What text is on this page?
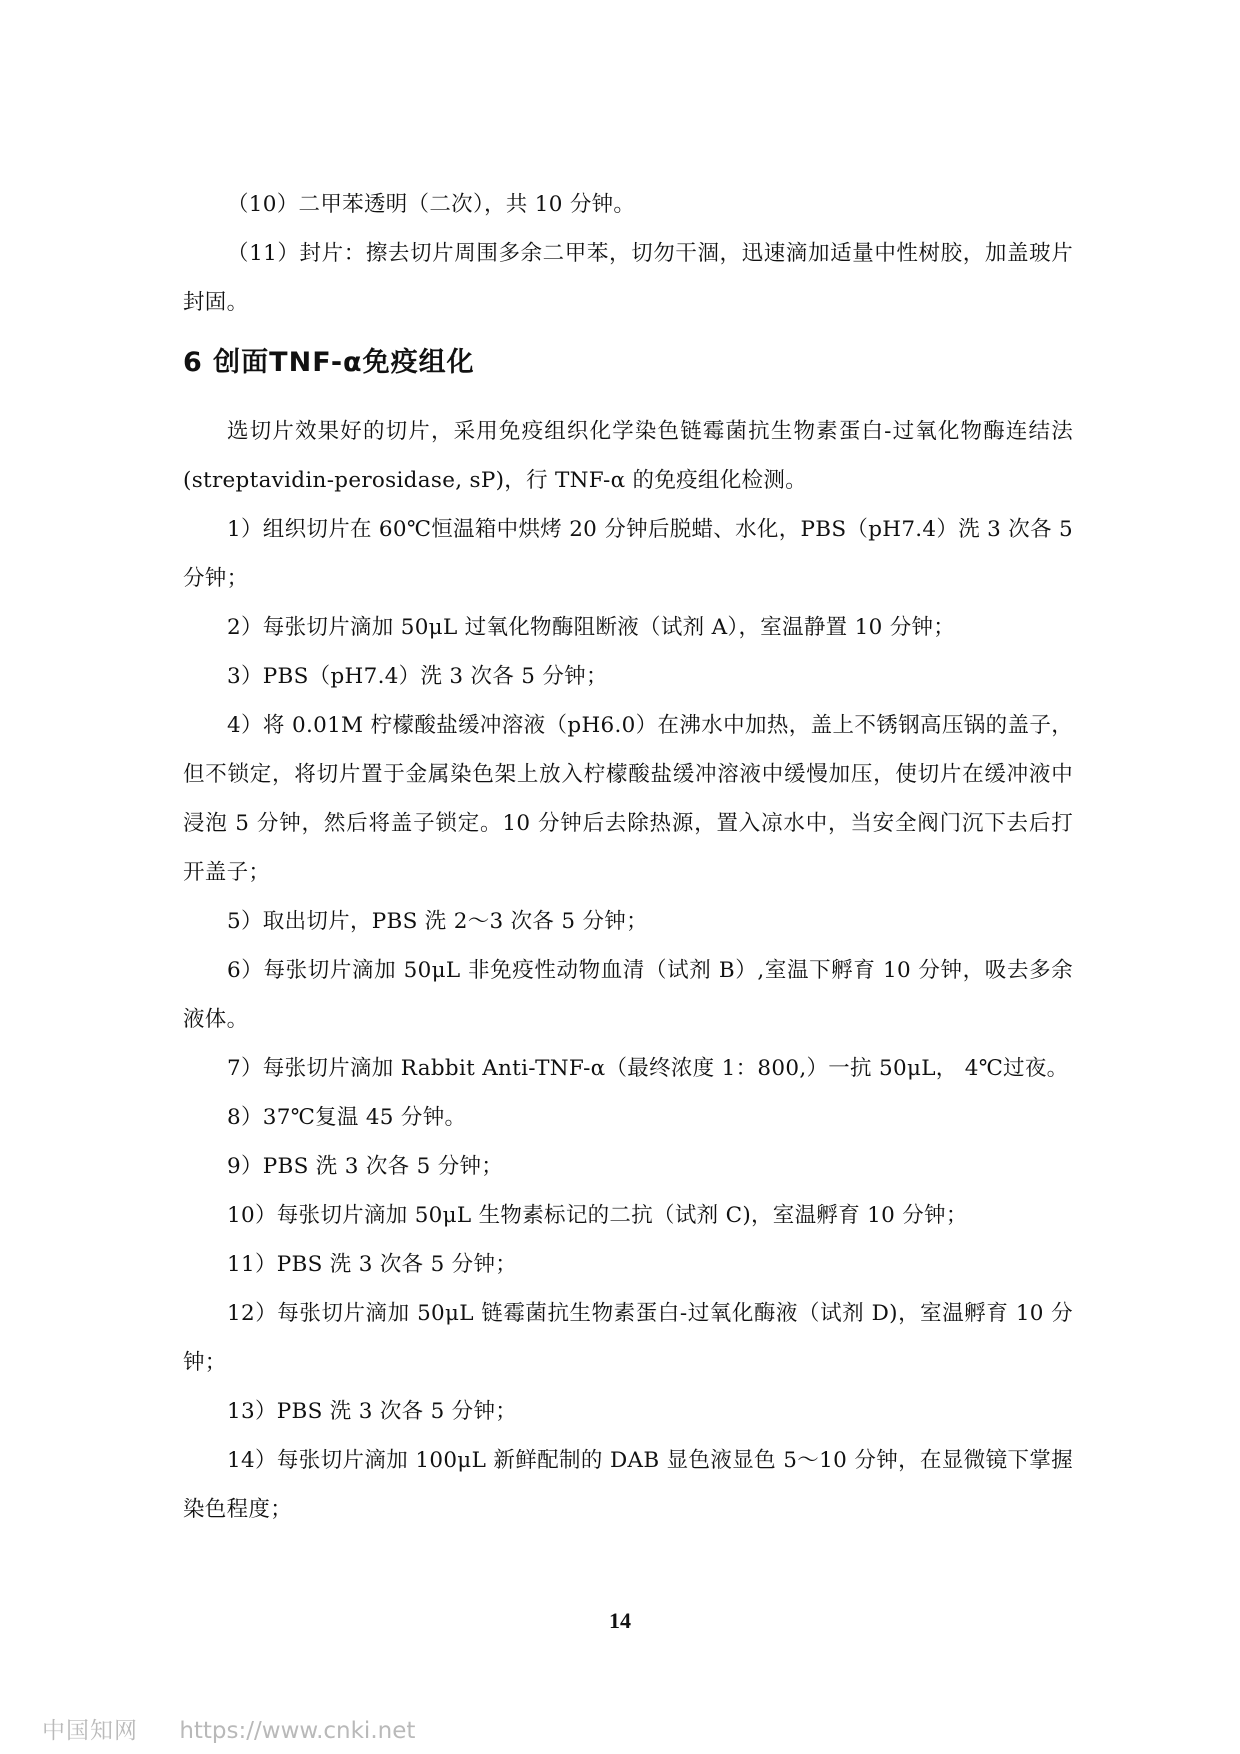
（10）二甲苯透明（二次），共 10 分钟。

（11）封片：擦去切片周围多余二甲苯，切勿干涸，迅速滴加适量中性树胶，加盖玻片封固。

6 创面TNF-α免疫组化

选切片效果好的切片，采用免疫组织化学染色链霉菌抗生物素蛋白-过氧化物酶连结法(streptavidin-perosidase, sP)，行 TNF-α 的免疫组化检测。

1）组织切片在 60℃恒温箱中烘烤 20 分钟后脱蜡、水化，PBS（pH7.4）洗 3 次各 5 分钟；

2）每张切片滴加 50μL 过氧化物酶阻断液（试剂 A），室温静置 10 分钟；

3）PBS（pH7.4）洗 3 次各 5 分钟；

4）将 0.01M 柠檬酸盐缓冲溶液（pH6.0）在沸水中加热，盖上不锈钢高压锅的盖子，但不锁定，将切片置于金属染色架上放入柠檬酸盐缓冲溶液中缓慢加压，使切片在缓冲液中浸泡 5 分钟，然后将盖子锁定。10 分钟后去除热源，置入凉水中，当安全阀门沉下去后打开盖子；

5）取出切片，PBS 洗 2～3 次各 5 分钟；

6）每张切片滴加 50μL 非免疫性动物血清（试剂 B）,室温下孵育 10 分钟，吸去多余液体。

7）每张切片滴加 Rabbit Anti-TNF-α（最终浓度 1：800,）一抗 50μL， 4℃过夜。

8）37℃复温 45 分钟。

9）PBS 洗 3 次各 5 分钟；

10）每张切片滴加 50μL 生物素标记的二抗（试剂 C)，室温孵育 10 分钟；

11）PBS 洗 3 次各 5 分钟；

12）每张切片滴加 50μL 链霉菌抗生物素蛋白-过氧化酶液（试剂 D)，室温孵育 10 分钟；

13）PBS 洗 3 次各 5 分钟；

14）每张切片滴加 100μL 新鲜配制的 DAB 显色液显色 5～10 分钟，在显微镜下掌握染色程度；

14
中国知网 https://www.cnki.net
